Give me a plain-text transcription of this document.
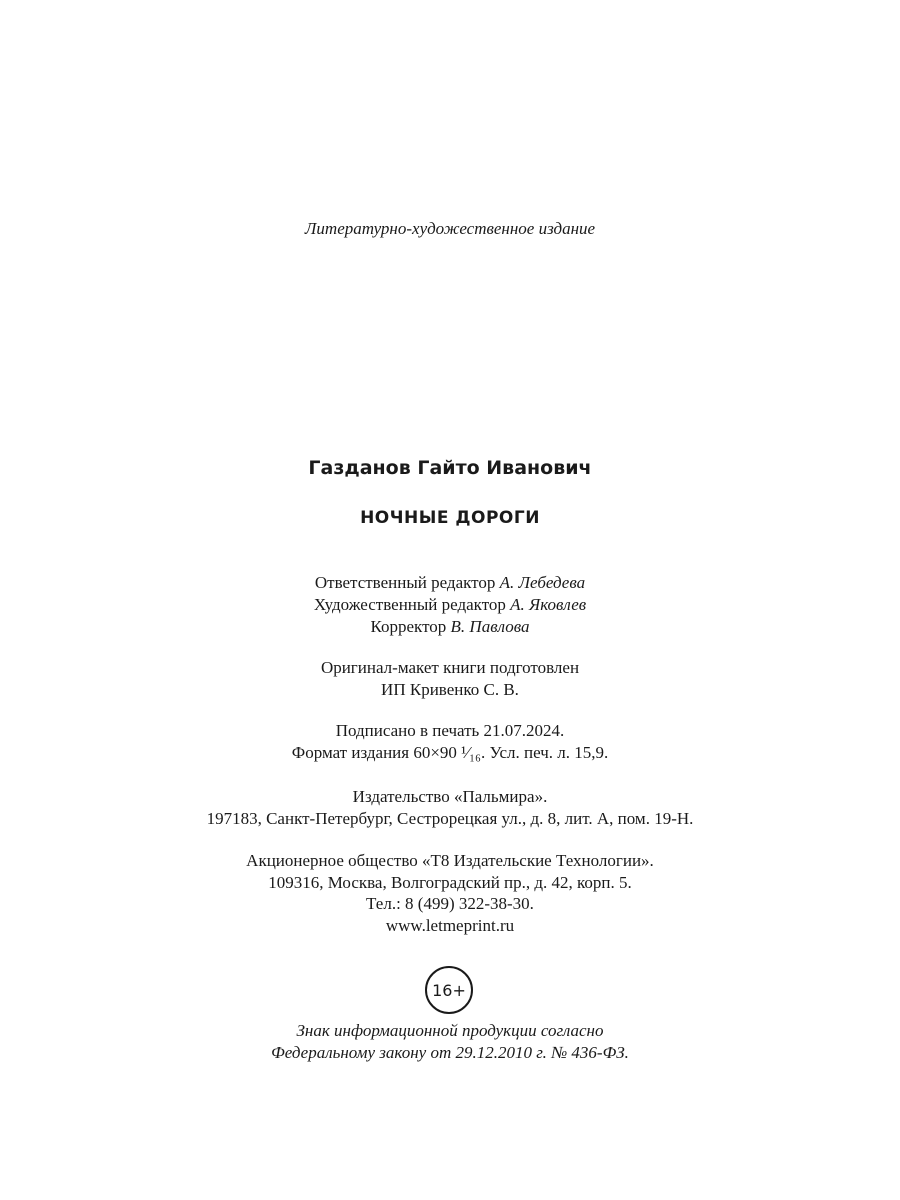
Литературно-художественное издание
Газданов Гайто Иванович
НОЧНЫЕ ДОРОГИ
Ответственный редактор А. Лебедева
Художественный редактор А. Яковлев
Корректор В. Павлова
Оригинал-макет книги подготовлен
ИП Кривенко С. В.
Подписано в печать 21.07.2024.
Формат издания 60×90 ¹⁄₁₆. Усл. печ. л. 15,9.
Издательство «Пальмира».
197183, Санкт-Петербург, Сестрорецкая ул., д. 8, лит. А, пом. 19-Н.
Акционерное общество «Т8 Издательские Технологии».
109316, Москва, Волгоградский пр., д. 42, корп. 5.
Тел.: 8 (499) 322-38-30.
www.letmeprint.ru
16+
Знак информационной продукции согласно
Федеральному закону от 29.12.2010 г. № 436-ФЗ.
